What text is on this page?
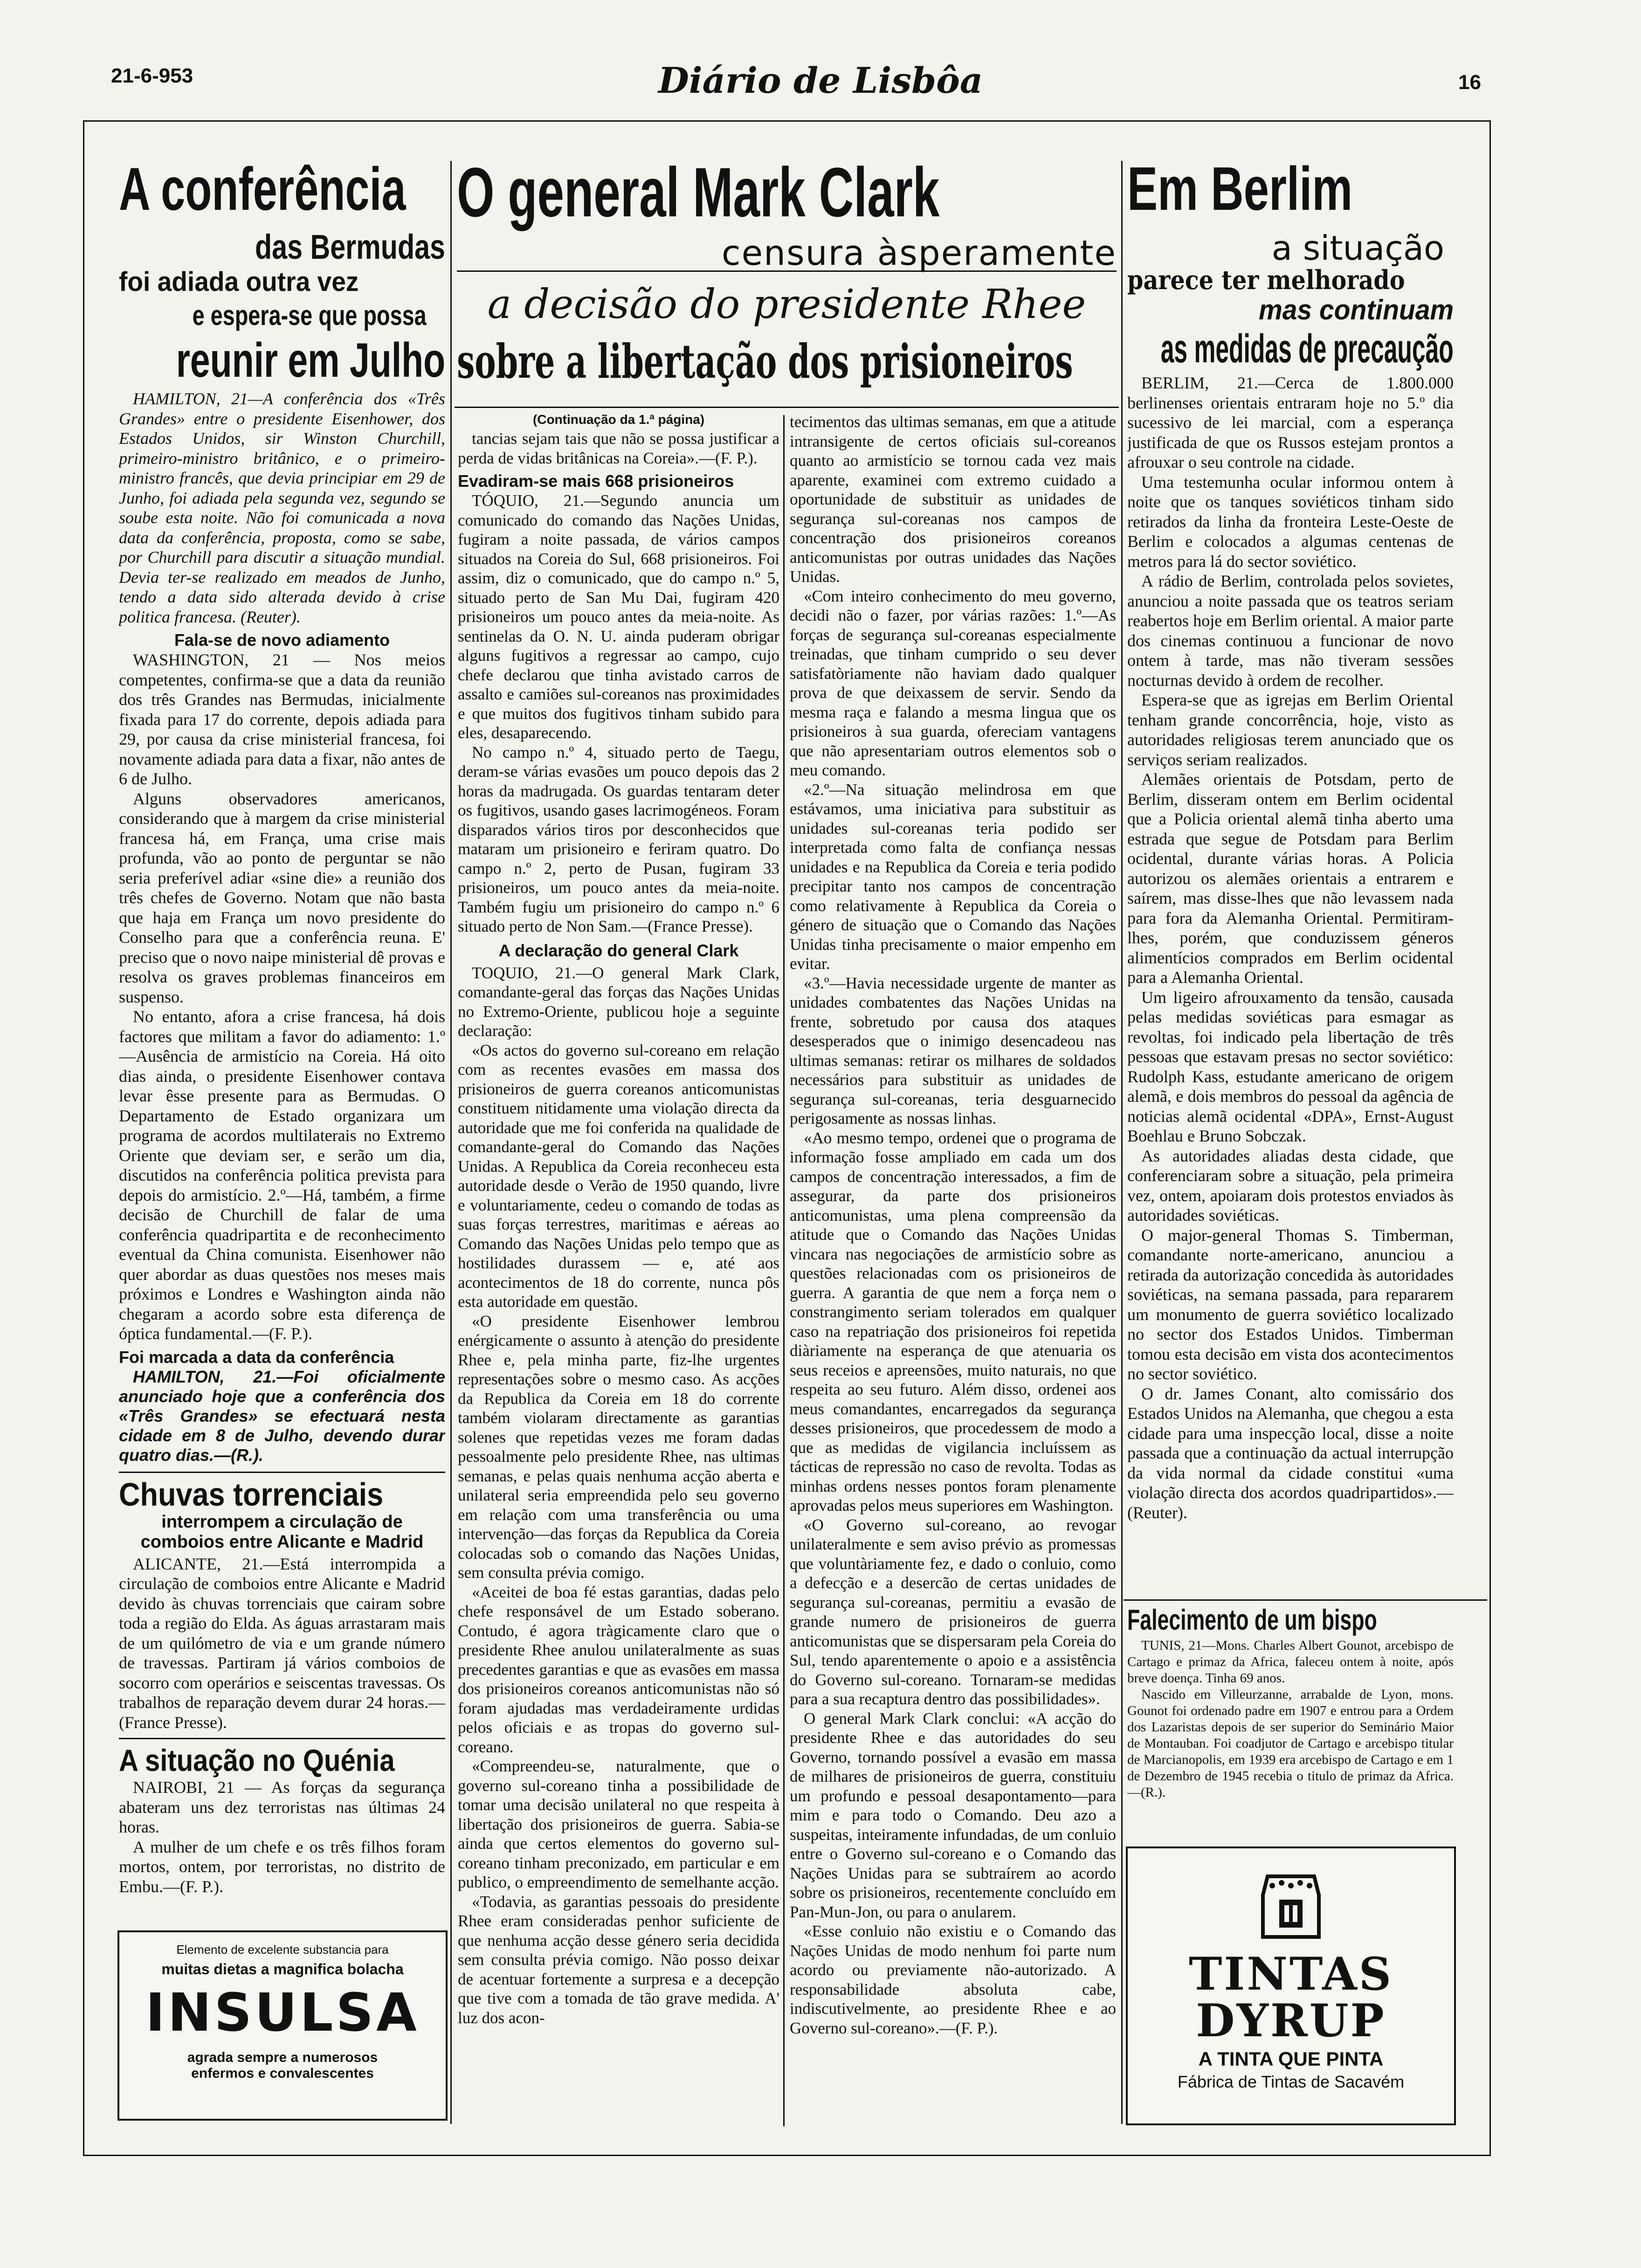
21-6-953	Diário de Lisbôa	16
A conferência
das Bermudas
foi adiada outra vez
e espera-se que possa
reunir em Julho

HAMILTON, 21—A conferência dos «Três Grandes» entre o presidente Eisenhower, dos Estados Unidos, sir Winston Churchill, primeiro-ministro britânico, e o primeiro-ministro francês, que devia principiar em 29 de Junho, foi adiada pela segunda vez, segundo se soube esta noite. Não foi comunicada a nova data da conferência, proposta, como se sabe, por Churchill para discutir a situação mundial. Devia ter-se realizado em meados de Junho, tendo a data sido alterada devido à crise politica francesa. (Reuter).

Fala-se de novo adiamento

WASHINGTON, 21 — Nos meios competentes, confirma-se que a data da reunião dos três Grandes nas Bermudas, inicialmente fixada para 17 do corrente, depois adiada para 29, por causa da crise ministerial francesa, foi novamente adiada para data a fixar, não antes de 6 de Julho.

Alguns observadores americanos, considerando que à margem da crise ministerial francesa há, em França, uma crise mais profunda, vão ao ponto de perguntar se não seria preferível adiar «sine die» a reunião dos três chefes de Governo. Notam que não basta que haja em França um novo presidente do Conselho para que a conferência reuna. E' preciso que o novo naipe ministerial dê provas e resolva os graves problemas financeiros em suspenso.

No entanto, afora a crise francesa, há dois factores que militam a favor do adiamento: 1.º—Ausência de armistício na Coreia. Há oito dias ainda, o presidente Eisenhower contava levar êsse presente para as Bermudas. O Departamento de Estado organizara um programa de acordos multilaterais no Extremo Oriente que deviam ser, e serão um dia, discutidos na conferência politica prevista para depois do armistício. 2.º—Há, também, a firme decisão de Churchill de falar de uma conferência quadripartita e de reconhecimento eventual da China comunista. Eisenhower não quer abordar as duas questões nos meses mais próximos e Londres e Washington ainda não chegaram a acordo sobre esta diferença de óptica fundamental.—(F. P.).

Foi marcada a data da conferência

HAMILTON, 21.—Foi oficialmente anunciado hoje que a conferência dos «Três Grandes» se efectuará nesta cidade em 8 de Julho, devendo durar quatro dias.—(R.).

Chuvas torrenciais
interrompem a circulação de comboios entre Alicante e Madrid

ALICANTE, 21.—Está interrompida a circulação de comboios entre Alicante e Madrid devido às chuvas torrenciais que cairam sobre toda a região do Elda. As águas arrastaram mais de um quilómetro de via e um grande número de travessas. Partiram já vários comboios de socorro com operários e seiscentas travessas. Os trabalhos de reparação devem durar 24 horas.—(France Presse).

A situação no Quénia

NAIROBI, 21 — As forças da segurança abateram uns dez terroristas nas últimas 24 horas.

A mulher de um chefe e os três filhos foram mortos, ontem, por terroristas, no distrito de Embu.—(F. P.).

Elemento de excelente substancia para
muitas dietas a magnifica bolacha
INSULSA
agrada sempre a numerosos
enfermos e convalescentes
O general Mark Clark
censura àsperamente
a decisão do presidente Rhee
sobre a libertação dos prisioneiros
(Continuação da 1.ª página)

tancias sejam tais que não se possa justificar a perda de vidas britânicas na Coreia».—(F. P.).

Evadiram-se mais 668 prisioneiros

TÓQUIO, 21.—Segundo anuncia um comunicado do comando das Nações Unidas, fugiram a noite passada, de vários campos situados na Coreia do Sul, 668 prisioneiros. Foi assim, diz o comunicado, que do campo n.º 5, situado perto de San Mu Dai, fugiram 420 prisioneiros um pouco antes da meia-noite. As sentinelas da O. N. U. ainda puderam obrigar alguns fugitivos a regressar ao campo, cujo chefe declarou que tinha avistado carros de assalto e camiões sul-coreanos nas proximidades e que muitos dos fugitivos tinham subido para eles, desaparecendo.

No campo n.º 4, situado perto de Taegu, deram-se várias evasões um pouco depois das 2 horas da madrugada. Os guardas tentaram deter os fugitivos, usando gases lacrimogéneos. Foram disparados vários tiros por desconhecidos que mataram um prisioneiro e feriram quatro. Do campo n.º 2, perto de Pusan, fugiram 33 prisioneiros, um pouco antes da meia-noite. Também fugiu um prisioneiro do campo n.º 6 situado perto de Non Sam.—(France Presse).

A declaração do general Clark

TOQUIO, 21.—O general Mark Clark, comandante-geral das forças das Nações Unidas no Extremo-Oriente, publicou hoje a seguinte declaração:

«Os actos do governo sul-coreano em relação com as recentes evasões em massa dos prisioneiros de guerra coreanos anticomunistas constituem nitidamente uma violação directa da autoridade que me foi conferida na qualidade de comandante-geral do Comando das Nações Unidas. A Republica da Coreia reconheceu esta autoridade desde o Verão de 1950 quando, livre e voluntariamente, cedeu o comando de todas as suas forças terrestres, maritimas e aéreas ao Comando das Nações Unidas pelo tempo que as hostilidades durassem — e, até aos acontecimentos de 18 do corrente, nunca pôs esta autoridade em questão.

«O presidente Eisenhower lembrou enérgicamente o assunto à atenção do presidente Rhee e, pela minha parte, fiz-lhe urgentes representações sobre o mesmo caso. As acções da Republica da Coreia em 18 do corrente também violaram directamente as garantias solenes que repetidas vezes me foram dadas pessoalmente pelo presidente Rhee, nas ultimas semanas, e pelas quais nenhuma acção aberta e unilateral seria empreendida pelo seu governo em relação com uma transferência ou uma intervenção—das forças da Republica da Coreia colocadas sob o comando das Nações Unidas, sem consulta prévia comigo.

«Aceitei de boa fé estas garantias, dadas pelo chefe responsável de um Estado soberano. Contudo, é agora tràgicamente claro que o presidente Rhee anulou unilateralmente as suas precedentes garantias e que as evasões em massa dos prisioneiros coreanos anticomunistas não só foram ajudadas mas verdadeiramente urdidas pelos oficiais e as tropas do governo sul-coreano.

«Compreendeu-se, naturalmente, que o governo sul-coreano tinha a possibilidade de tomar uma decisão unilateral no que respeita à libertação dos prisioneiros de guerra. Sabia-se ainda que certos elementos do governo sul-coreano tinham preconizado, em particular e em publico, o empreendimento de semelhante acção.

«Todavia, as garantias pessoais do presidente Rhee eram consideradas penhor suficiente de que nenhuma acção desse género seria decidida sem consulta prévia comigo. Não posso deixar de acentuar fortemente a surpresa e a decepção que tive com a tomada de tão grave medida. A' luz dos acon-

tecimentos das ultimas semanas, em que a atitude intransigente de certos oficiais sul-coreanos quanto ao armistício se tornou cada vez mais aparente, examinei com extremo cuidado a oportunidade de substituir as unidades de segurança sul-coreanas nos campos de concentração dos prisioneiros coreanos anticomunistas por outras unidades das Nações Unidas.

«Com inteiro conhecimento do meu governo, decidi não o fazer, por várias razões: 1.º—As forças de segurança sul-coreanas especialmente treinadas, que tinham cumprido o seu dever satisfatòriamente não haviam dado qualquer prova de que deixassem de servir. Sendo da mesma raça e falando a mesma lingua que os prisioneiros à sua guarda, ofereciam vantagens que não apresentariam outros elementos sob o meu comando.

«2.º—Na situação melindrosa em que estávamos, uma iniciativa para substituir as unidades sul-coreanas teria podido ser interpretada como falta de confiança nessas unidades e na Republica da Coreia e teria podido precipitar tanto nos campos de concentração como relativamente à Republica da Coreia o género de situação que o Comando das Nações Unidas tinha precisamente o maior empenho em evitar.

«3.º—Havia necessidade urgente de manter as unidades combatentes das Nações Unidas na frente, sobretudo por causa dos ataques desesperados que o inimigo desencadeou nas ultimas semanas: retirar os milhares de soldados necessários para substituir as unidades de segurança sul-coreanas, teria desguarnecido perigosamente as nossas linhas.

«Ao mesmo tempo, ordenei que o programa de informação fosse ampliado em cada um dos campos de concentração interessados, a fim de assegurar, da parte dos prisioneiros anticomunistas, uma plena compreensão da atitude que o Comando das Nações Unidas vincara nas negociações de armistício sobre as questões relacionadas com os prisioneiros de guerra. A garantia de que nem a força nem o constrangimento seriam tolerados em qualquer caso na repatriação dos prisioneiros foi repetida diàriamente na esperança de que atenuaria os seus receios e apreensões, muito naturais, no que respeita ao seu futuro. Além disso, ordenei aos meus comandantes, encarregados da segurança desses prisioneiros, que procedessem de modo a que as medidas de vigilancia incluíssem as tácticas de repressão no caso de revolta. Todas as minhas ordens nesses pontos foram plenamente aprovadas pelos meus superiores em Washington.

«O Governo sul-coreano, ao revogar unilateralmente e sem aviso prévio as promessas que voluntàriamente fez, e dado o conluio, como a defecção e a desercão de certas unidades de segurança sul-coreanas, permitiu a evasão de grande numero de prisioneiros de guerra anticomunistas que se dispersaram pela Coreia do Sul, tendo aparentemente o apoio e a assistência do Governo sul-coreano. Tornaram-se medidas para a sua recaptura dentro das possibilidades».

O general Mark Clark conclui: «A acção do presidente Rhee e das autoridades do seu Governo, tornando possível a evasão em massa de milhares de prisioneiros de guerra, constituiu um profundo e pessoal desapontamento—para mim e para todo o Comando. Deu azo a suspeitas, inteiramente infundadas, de um conluio entre o Governo sul-coreano e o Comando das Nações Unidas para se subtraírem ao acordo sobre os prisioneiros, recentemente concluído em Pan-Mun-Jon, ou para o anularem.

«Esse conluio não existiu e o Comando das Nações Unidas de modo nenhum foi parte num acordo ou previamente não-autorizado. A responsabilidade absoluta cabe, indiscutivelmente, ao presidente Rhee e ao Governo sul-coreano».—(F. P.).

Em Berlim
a situação
parece ter melhorado
mas continuam
as medidas de precaução

BERLIM, 21.—Cerca de 1.800.000 berlinenses orientais entraram hoje no 5.º dia sucessivo de lei marcial, com a esperança justificada de que os Russos estejam prontos a afrouxar o seu controle na cidade.

Uma testemunha ocular informou ontem à noite que os tanques soviéticos tinham sido retirados da linha da fronteira Leste-Oeste de Berlim e colocados a algumas centenas de metros para lá do sector soviético.

A rádio de Berlim, controlada pelos sovietes, anunciou a noite passada que os teatros seriam reabertos hoje em Berlim oriental. A maior parte dos cinemas continuou a funcionar de novo ontem à tarde, mas não tiveram sessões nocturnas devido à ordem de recolher.

Espera-se que as igrejas em Berlim Oriental tenham grande concorrência, hoje, visto as autoridades religiosas terem anunciado que os serviços seriam realizados.

Alemães orientais de Potsdam, perto de Berlim, disseram ontem em Berlim ocidental que a Policia oriental alemã tinha aberto uma estrada que segue de Potsdam para Berlim ocidental, durante várias horas. A Policia autorizou os alemães orientais a entrarem e saírem, mas disse-lhes que não levassem nada para fora da Alemanha Oriental. Permitiram-lhes, porém, que conduzissem géneros alimentícios comprados em Berlim ocidental para a Alemanha Oriental.

Um ligeiro afrouxamento da tensão, causada pelas medidas soviéticas para esmagar as revoltas, foi indicado pela libertação de três pessoas que estavam presas no sector soviético: Rudolph Kass, estudante americano de origem alemã, e dois membros do pessoal da agência de noticias alemã ocidental «DPA», Ernst-August Boehlau e Bruno Sobczak.

As autoridades aliadas desta cidade, que conferenciaram sobre a situação, pela primeira vez, ontem, apoiaram dois protestos enviados às autoridades soviéticas.

O major-general Thomas S. Timberman, comandante norte-americano, anunciou a retirada da autorização concedida às autoridades soviéticas, na semana passada, para repararem um monumento de guerra soviético localizado no sector dos Estados Unidos. Timberman tomou esta decisão em vista dos acontecimentos no sector soviético.

O dr. James Conant, alto comissário dos Estados Unidos na Alemanha, que chegou a esta cidade para uma inspecção local, disse a noite passada que a continuação da actual interrupção da vida normal da cidade constitui «uma violação directa dos acordos quadripartidos».—(Reuter).

Falecimento de um bispo

TUNIS, 21—Mons. Charles Albert Gounot, arcebispo de Cartago e primaz da Africa, faleceu ontem à noite, após breve doença. Tinha 69 anos.

Nascido em Villeurzanne, arrabalde de Lyon, mons. Gounot foi ordenado padre em 1907 e entrou para a Ordem dos Lazaristas depois de ser superior do Seminário Maior de Montauban. Foi coadjutor de Cartago e arcebispo titular de Marcianopolis, em 1939 era arcebispo de Cartago e em 1 de Dezembro de 1945 recebia o titulo de primaz da Africa.—(R.).

TINTAS
DYRUP
A TINTA QUE PINTA
Fábrica de Tintas de Sacavém
